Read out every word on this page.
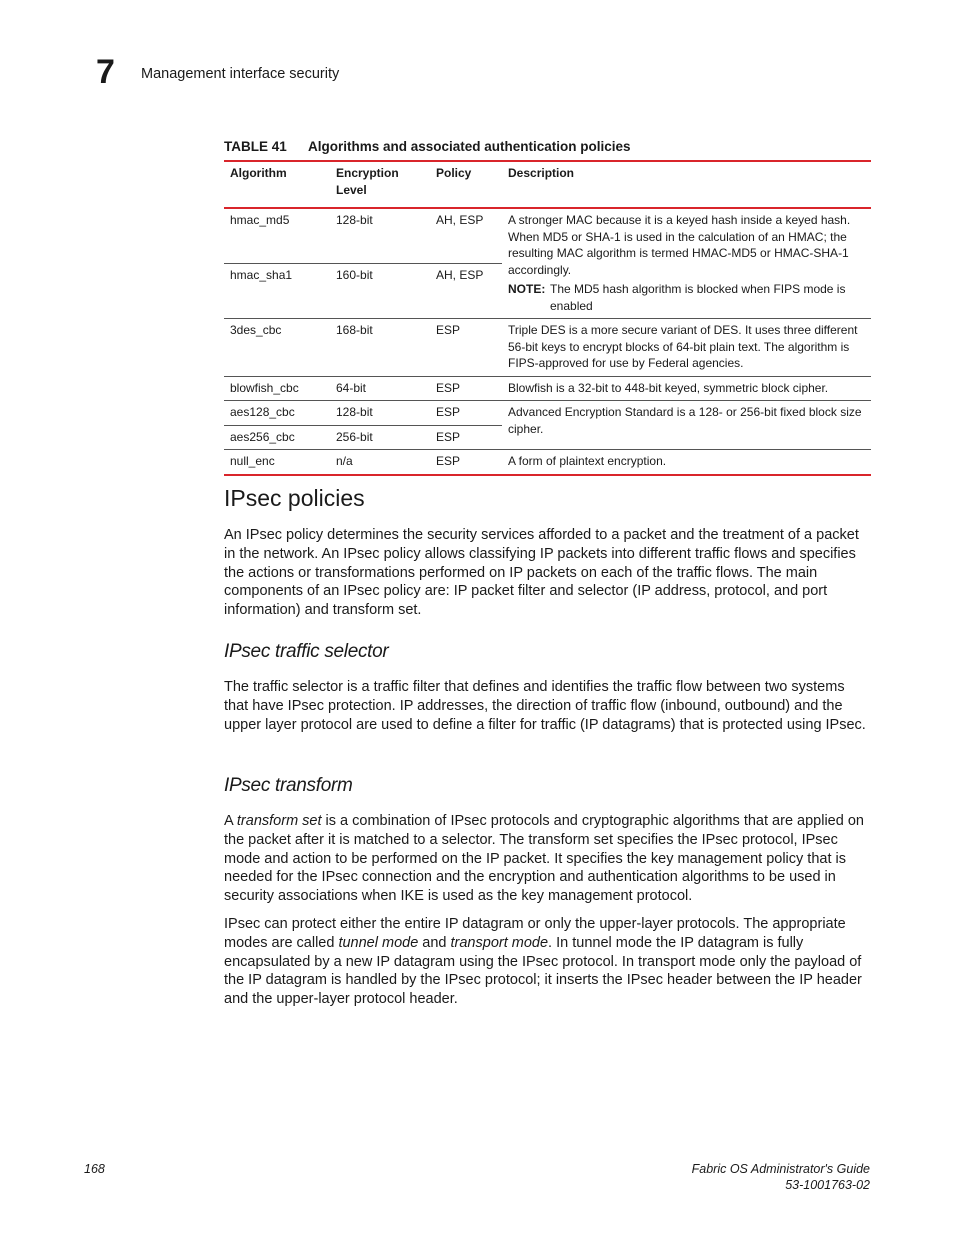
7 Management interface security
TABLE 41 Algorithms and associated authentication policies
Algorithm	Encryption Level	Policy	Description
hmac_md5	128-bit	AH, ESP	A stronger MAC because it is a keyed hash inside a keyed hash. When MD5 or SHA-1 is used in the calculation of an HMAC; the resulting MAC algorithm is termed HMAC-MD5 or HMAC-SHA-1 accordingly.
NOTE: The MD5 hash algorithm is blocked when FIPS mode is enabled

hmac_sha1	160-bit	AH, ESP	
3des_cbc	168-bit	ESP	Triple DES is a more secure variant of DES. It uses three different 56-bit keys to encrypt blocks of 64-bit plain text. The algorithm is FIPS-approved for use by Federal agencies.
blowfish_cbc	64-bit	ESP	Blowfish is a 32-bit to 448-bit keyed, symmetric block cipher.
aes128_cbc	128-bit	ESP	Advanced Encryption Standard is a 128- or 256-bit fixed block size cipher.
aes256_cbc	256-bit	ESP	
null_enc	n/a	ESP	A form of plaintext encryption.
IPsec policies

An IPsec policy determines the security services afforded to a packet and the treatment of a packet in the network. An IPsec policy allows classifying IP packets into different traffic flows and specifies the actions or transformations performed on IP packets on each of the traffic flows. The main components of an IPsec policy are: IP packet filter and selector (IP address, protocol, and port information) and transform set.

IPsec traffic selector

The traffic selector is a traffic filter that defines and identifies the traffic flow between two systems that have IPsec protection. IP addresses, the direction of traffic flow (inbound, outbound) and the upper layer protocol are used to define a filter for traffic (IP datagrams) that is protected using IPsec.

IPsec transform

A transform set is a combination of IPsec protocols and cryptographic algorithms that are applied on the packet after it is matched to a selector. The transform set specifies the IPsec protocol, IPsec mode and action to be performed on the IP packet. It specifies the key management policy that is needed for the IPsec connection and the encryption and authentication algorithms to be used in security associations when IKE is used as the key management protocol.

IPsec can protect either the entire IP datagram or only the upper-layer protocols. The appropriate modes are called tunnel mode and transport mode. In tunnel mode the IP datagram is fully encapsulated by a new IP datagram using the IPsec protocol. In transport mode only the payload of the IP datagram is handled by the IPsec protocol; it inserts the IPsec header between the IP header and the upper-layer protocol header.

168	Fabric OS Administrator's Guide
53-1001763-02
